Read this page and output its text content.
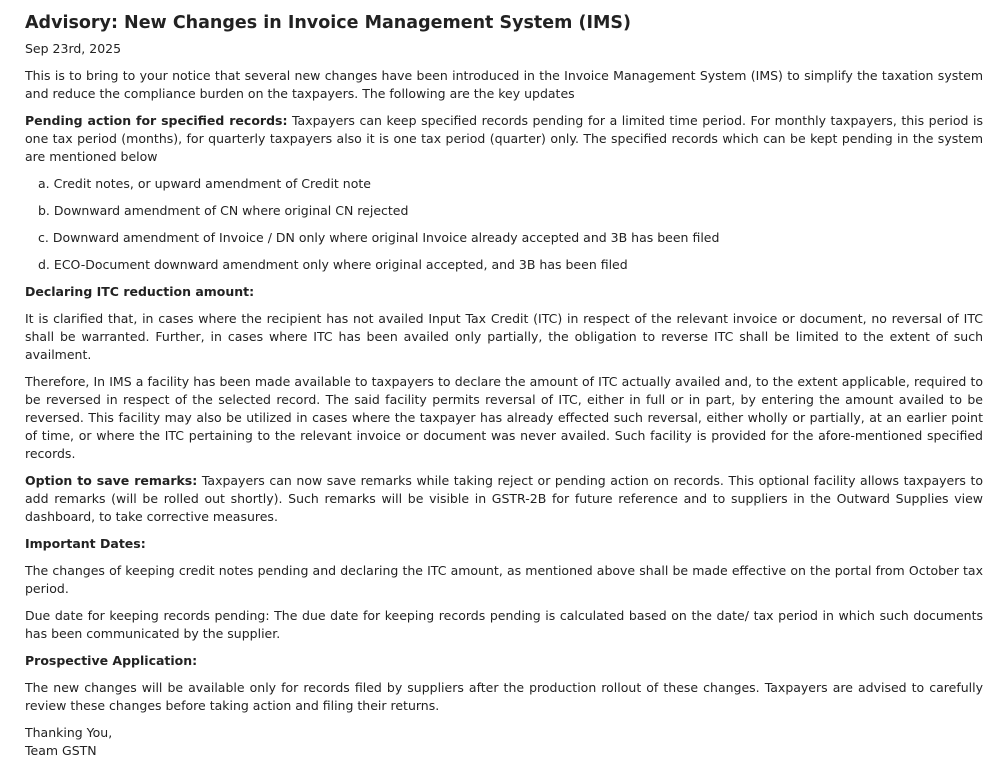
Advisory: New Changes in Invoice Management System (IMS)
Sep 23rd, 2025

This is to bring to your notice that several new changes have been introduced in the Invoice Management System (IMS) to simplify the taxation system and reduce the compliance burden on the taxpayers. The following are the key updates

Pending action for specified records: Taxpayers can keep specified records pending for a limited time period. For monthly taxpayers, this period is one tax period (months), for quarterly taxpayers also it is one tax period (quarter) only. The specified records which can be kept pending in the system are mentioned below

a. Credit notes, or upward amendment of Credit note
b. Downward amendment of CN where original CN rejected
c. Downward amendment of Invoice / DN only where original Invoice already accepted and 3B has been filed
d. ECO-Document downward amendment only where original accepted, and 3B has been filed
Declaring ITC reduction amount:

It is clarified that, in cases where the recipient has not availed Input Tax Credit (ITC) in respect of the relevant invoice or document, no reversal of ITC shall be warranted. Further, in cases where ITC has been availed only partially, the obligation to reverse ITC shall be limited to the extent of such availment.

Therefore, In IMS a facility has been made available to taxpayers to declare the amount of ITC actually availed and, to the extent applicable, required to be reversed in respect of the selected record. The said facility permits reversal of ITC, either in full or in part, by entering the amount availed to be reversed. This facility may also be utilized in cases where the taxpayer has already effected such reversal, either wholly or partially, at an earlier point of time, or where the ITC pertaining to the relevant invoice or document was never availed. Such facility is provided for the afore-mentioned specified records.

Option to save remarks: Taxpayers can now save remarks while taking reject or pending action on records. This optional facility allows taxpayers to add remarks (will be rolled out shortly). Such remarks will be visible in GSTR-2B for future reference and to suppliers in the Outward Supplies view dashboard, to take corrective measures.

Important Dates:

The changes of keeping credit notes pending and declaring the ITC amount, as mentioned above shall be made effective on the portal from October tax period.

Due date for keeping records pending: The due date for keeping records pending is calculated based on the date/ tax period in which such documents has been communicated by the supplier.

Prospective Application:

The new changes will be available only for records filed by suppliers after the production rollout of these changes. Taxpayers are advised to carefully review these changes before taking action and filing their returns.

Thanking You,
Team GSTN
